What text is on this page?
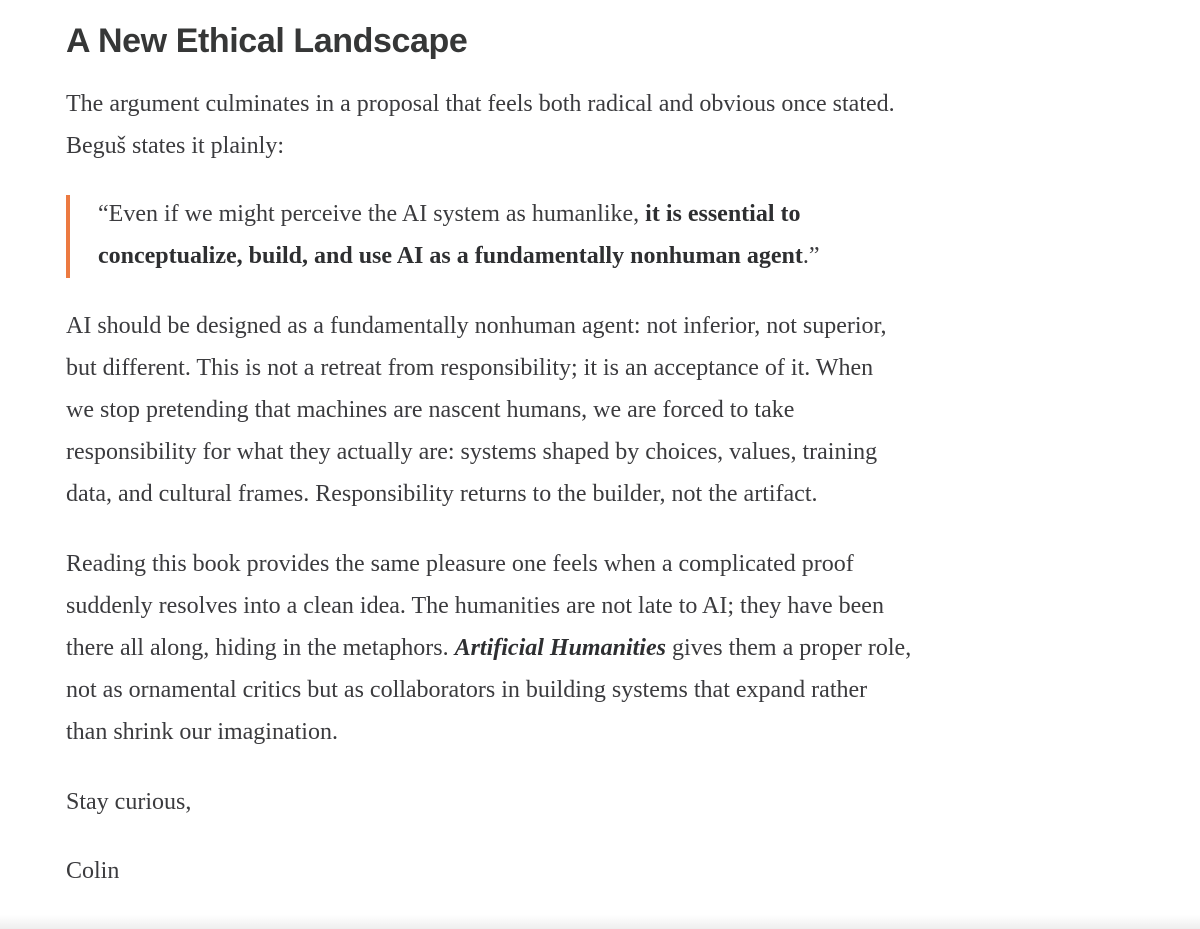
A New Ethical Landscape

The argument culminates in a proposal that feels both radical and obvious once stated.
Beguš states it plainly:

“Even if we might perceive the AI system as humanlike, it is essential to
conceptualize, build, and use AI as a fundamentally nonhuman agent.”

AI should be designed as a fundamentally nonhuman agent: not inferior, not superior,
but different. This is not a retreat from responsibility; it is an acceptance of it. When
we stop pretending that machines are nascent humans, we are forced to take
responsibility for what they actually are: systems shaped by choices, values, training
data, and cultural frames. Responsibility returns to the builder, not the artifact.

Reading this book provides the same pleasure one feels when a complicated proof
suddenly resolves into a clean idea. The humanities are not late to AI; they have been
there all along, hiding in the metaphors. Artificial Humanities gives them a proper role,
not as ornamental critics but as collaborators in building systems that expand rather
than shrink our imagination.

Stay curious,

Colin
